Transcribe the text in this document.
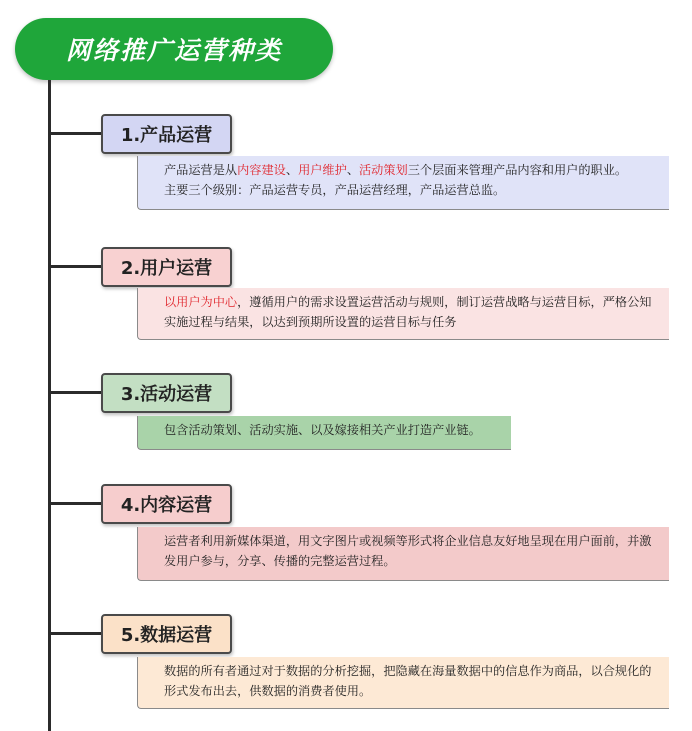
网络推广运营种类
1.产品运营
产品运营是从内容建设、用户维护、活动策划三个层面来管理产品内容和用户的职业。
主要三个级别：产品运营专员，产品运营经理，产品运营总监。
2.用户运营
以用户为中心，遵循用户的需求设置运营活动与规则，制订运营战略与运营目标，严格公知实施过程与结果，以达到预期所设置的运营目标与任务
3.活动运营
包含活动策划、活动实施、以及嫁接相关产业打造产业链。
4.内容运营
运营者利用新媒体渠道，用文字图片或视频等形式将企业信息友好地呈现在用户面前，并激发用户参与，分享、传播的完整运营过程。
5.数据运营
数据的所有者通过对于数据的分析挖掘，把隐藏在海量数据中的信息作为商品，以合规化的形式发布出去，供数据的消费者使用。
